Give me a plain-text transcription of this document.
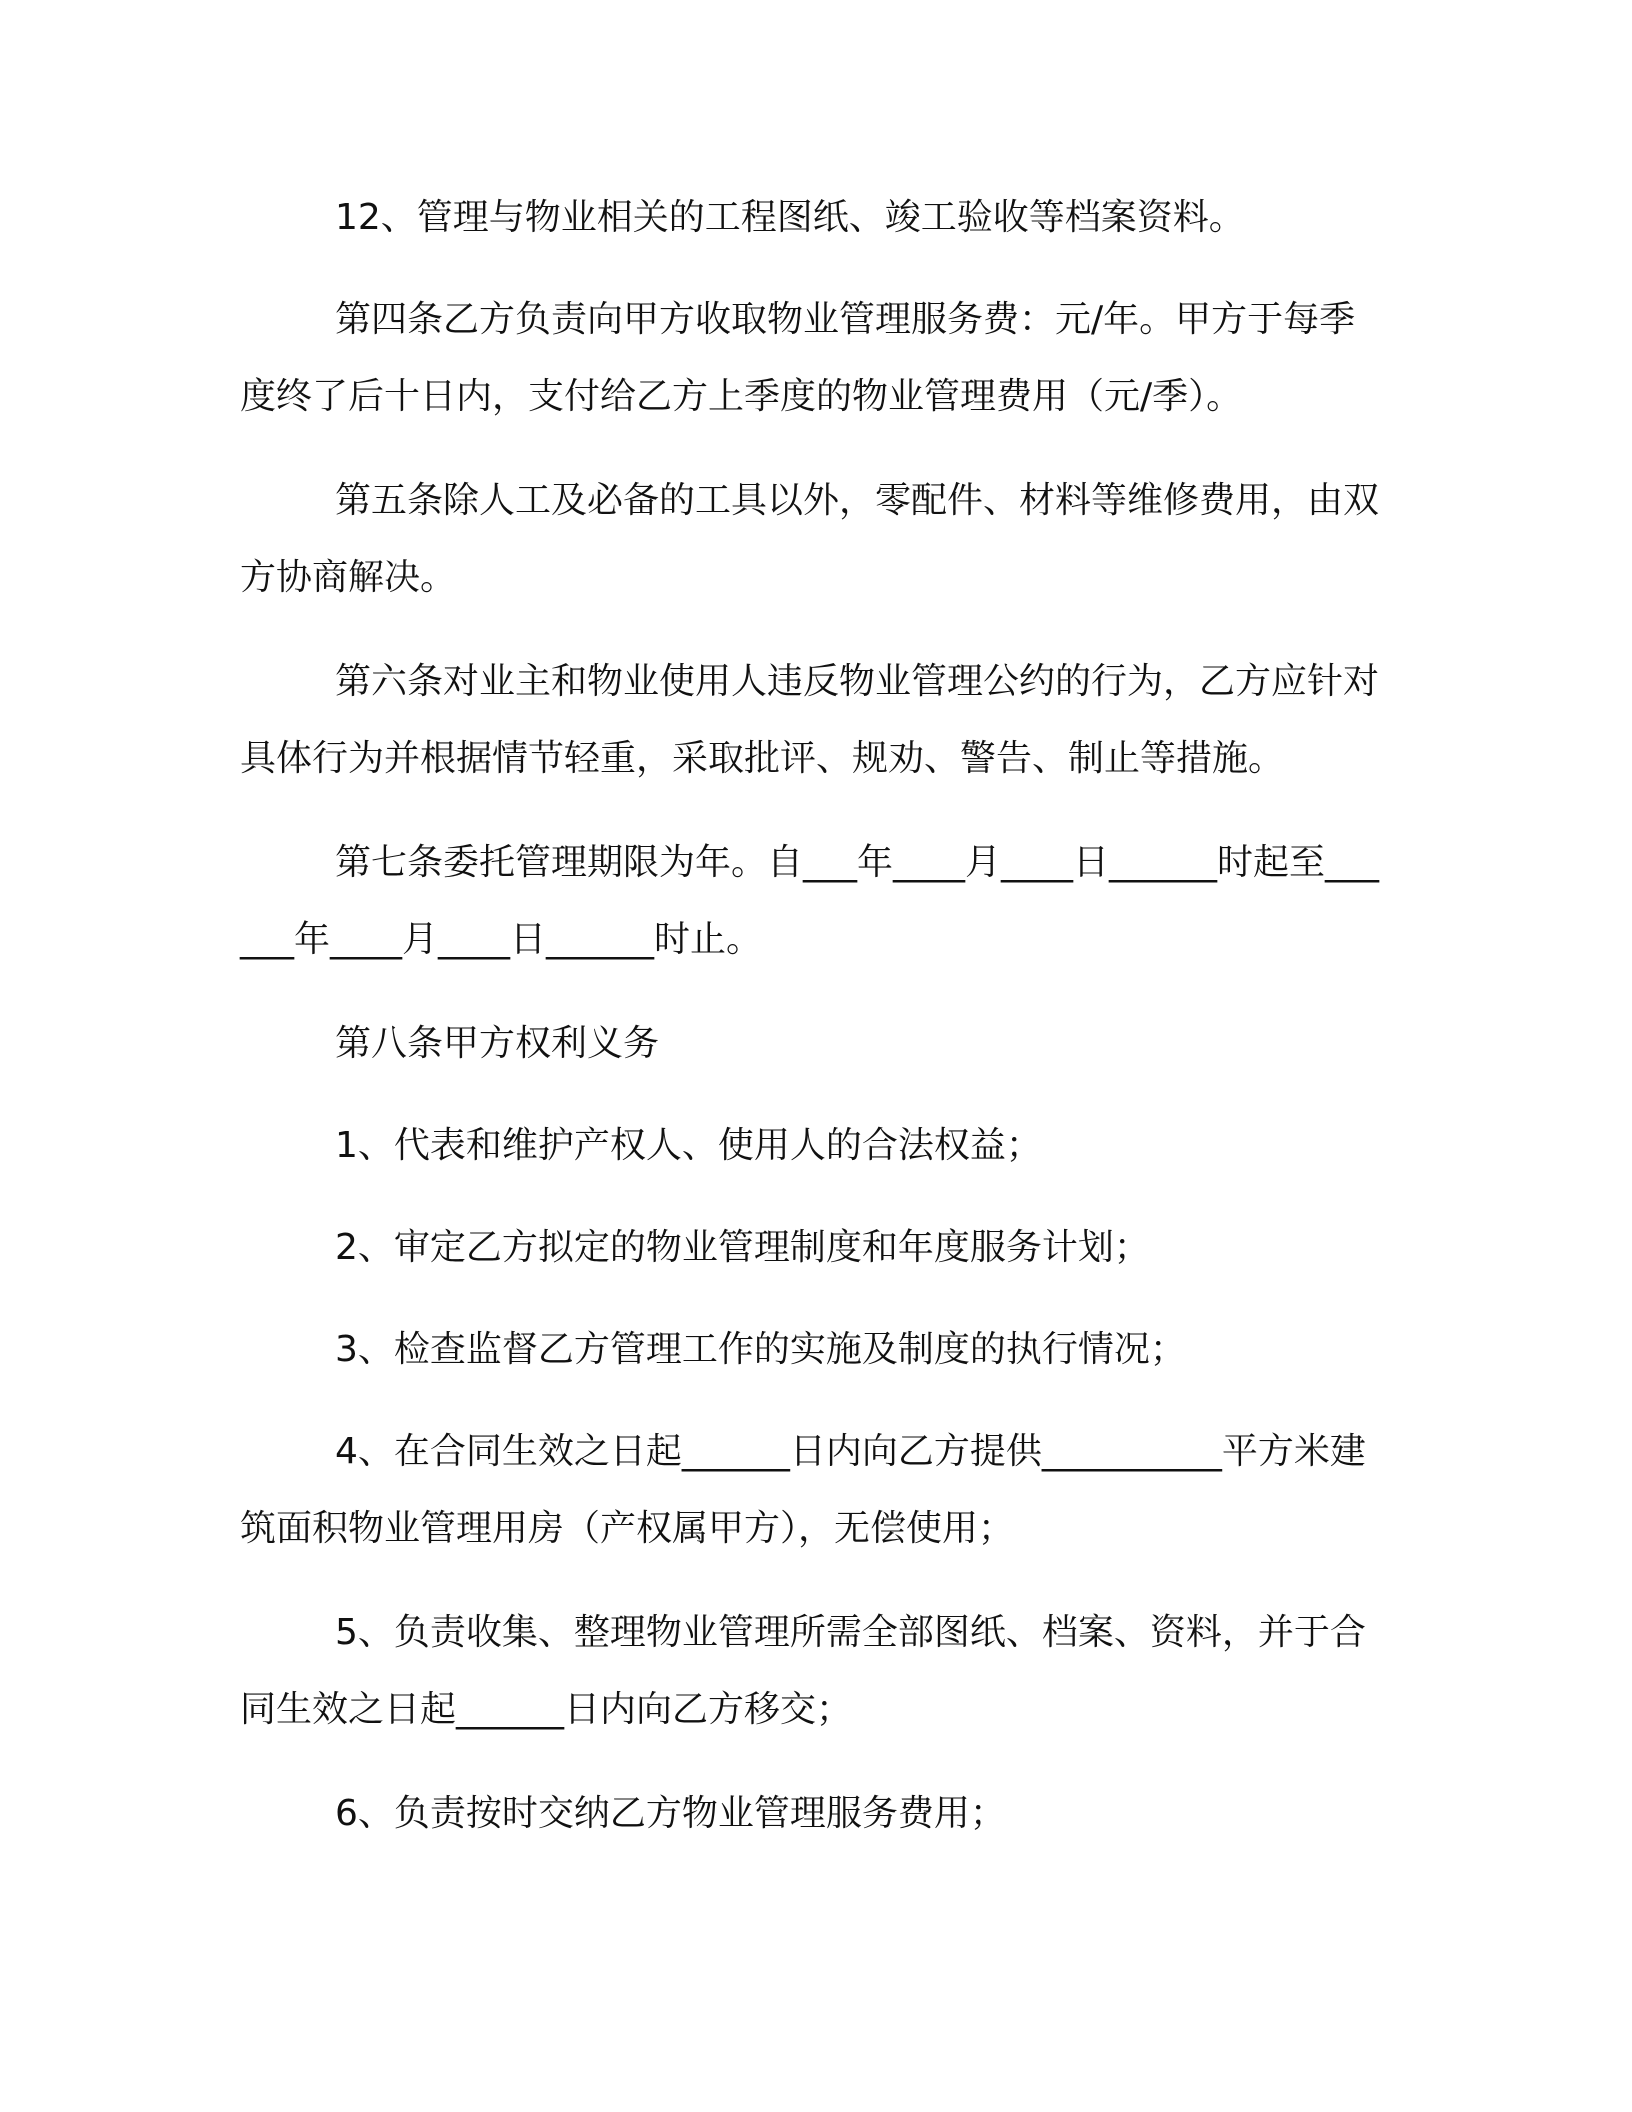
12、管理与物业相关的工程图纸、竣工验收等档案资料。

第四条乙方负责向甲方收取物业管理服务费：元/年。甲方于每季度终了后十日内，支付给乙方上季度的物业管理费用（元/季）。

第五条除人工及必备的工具以外，零配件、材料等维修费用，由双方协商解决。

第六条对业主和物业使用人违反物业管理公约的行为，乙方应针对具体行为并根据情节轻重，采取批评、规劝、警告、制止等措施。

第七条委托管理期限为年。自___年____月____日______时起至______年____月____日______时止。

第八条甲方权利义务

1、代表和维护产权人、使用人的合法权益；

2、审定乙方拟定的物业管理制度和年度服务计划；

3、检查监督乙方管理工作的实施及制度的执行情况；

4、在合同生效之日起______日内向乙方提供__________平方米建筑面积物业管理用房（产权属甲方），无偿使用；

5、负责收集、整理物业管理所需全部图纸、档案、资料，并于合同生效之日起______日内向乙方移交；

6、负责按时交纳乙方物业管理服务费用；
